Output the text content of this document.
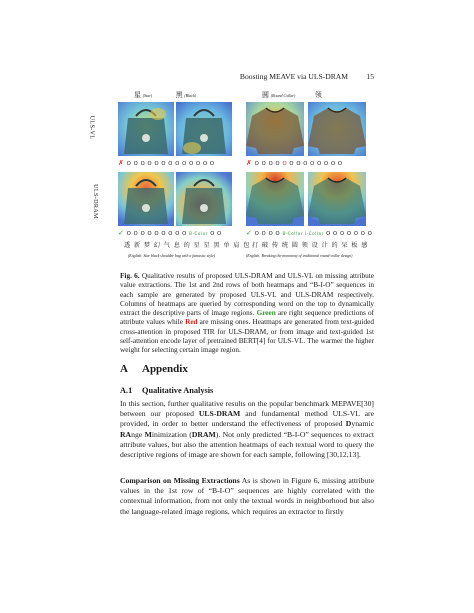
Boosting MEAVE via ULS-DRAM 15
ULS-VL
ULS-DRAM
星 (Star)	黑 (Black)	圆 (Round Collar)	领
✗ O O O O O O O O O O O O O	✗ O O O O O O O O O O O O O
✓ O O O O O O O O O B-Color O O	✓ O O O O B-Collar I-Collar O O O O O O O
透 新 梦 幻 气 息 的 星 星 黑 单 肩 包 打 破 传 统 圆 领 设 计 的 呆 板 感
(English: Star black shoulder bag with a fantastic style)	(English: Breaking the monotony of traditional round-collar design)
Fig. 6. Qualitative results of proposed ULS-DRAM and ULS-VL on missing attribute value extractions. The 1st and 2nd rows of both heatmaps and “B-I-O” sequences in each sample are generated by proposed ULS-VL and ULS-DRAM respectively. Columns of heatmaps are queried by corresponding word on the top to dynamically extract the descriptive parts of image regions. Green are right sequence predictions of attribute values while Red are missing ones. Heatmaps are generated from text-guided cross-attention in proposed TIR for ULS-DRAM, or from image and text-guided 1st self-attention encode layer of pretrained BERT[4] for ULS-VL. The warmer the higher weight for selecting certain image region.
A Appendix
A.1 Qualitative Analysis
In this section, further qualitative results on the popular benchmark MEPAVE[30] between our proposed ULS-DRAM and fundamental method ULS-VL are provided, in order to better understand the effectiveness of proposed Dynamic RAnge Minimization (DRAM). Not only predicted “B-I-O” sequences to extract attribute values, but also the attention heatmaps of each textual word to query the descriptive regions of image are shown for each sample, following [30,12,13].
Comparison on Missing Extractions As is shown in Figure 6, missing attribute values in the 1st row of “B-I-O” sequences are highly correlated with the contextual information, from not only the textual words in neighborhood but also the language-related image regions, which requires an extractor to firstly
